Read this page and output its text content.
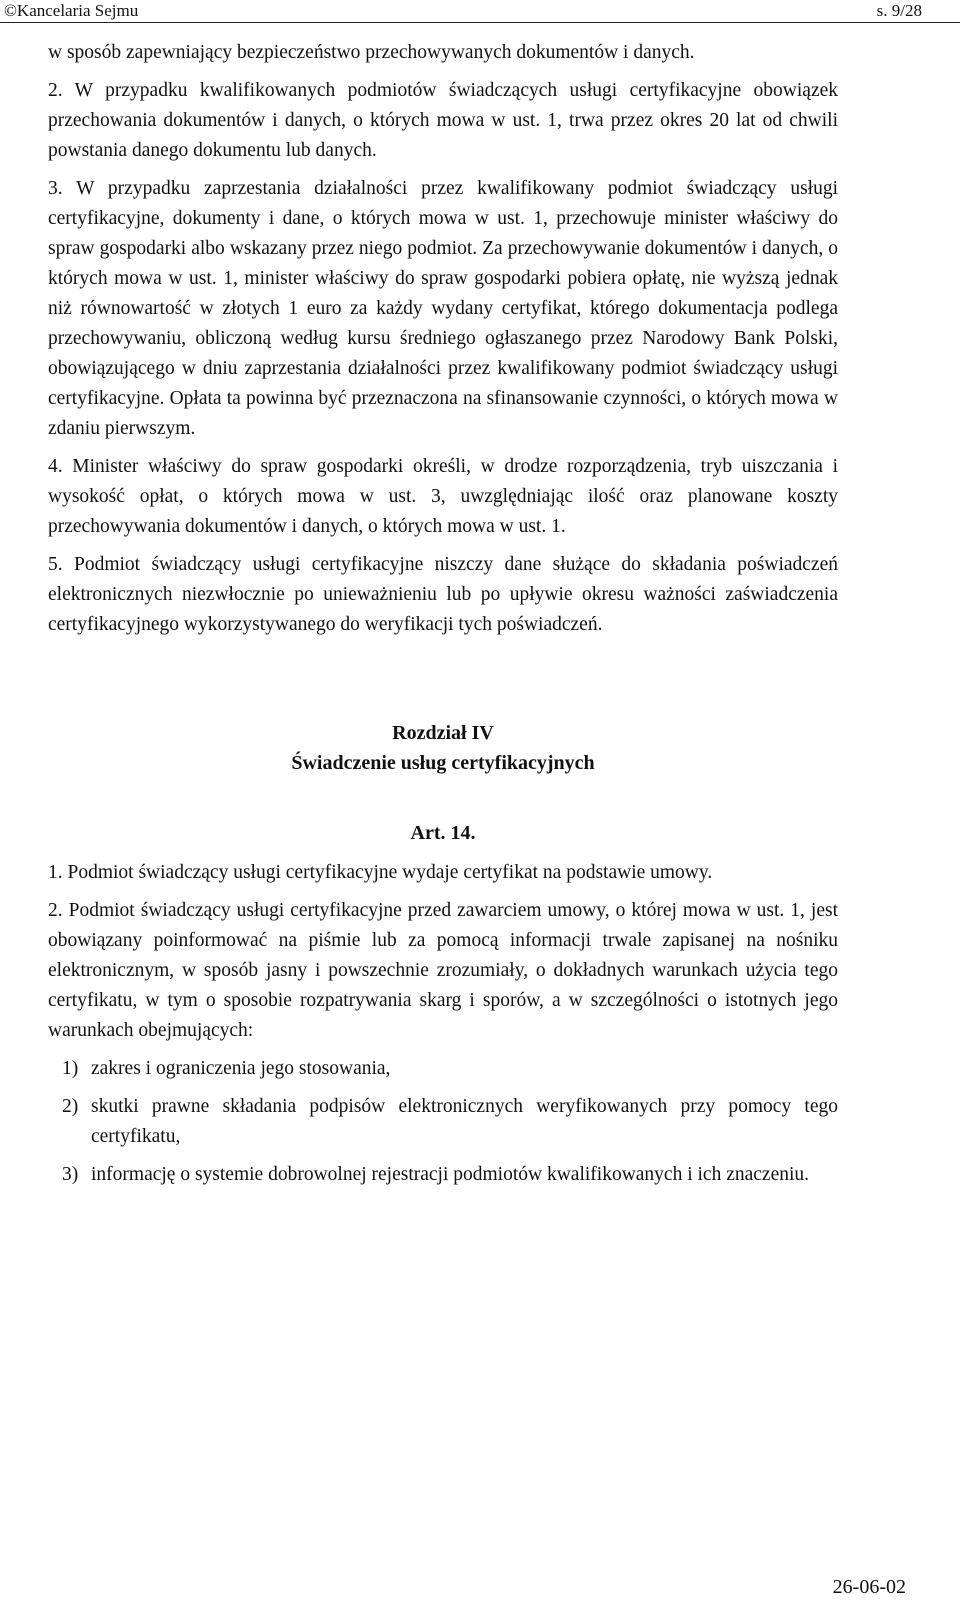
©Kancelaria Sejmu	s. 9/28

w sposób zapewniający bezpieczeństwo przechowywanych dokumentów i danych.

2. W przypadku kwalifikowanych podmiotów świadczących usługi certyfikacyjne obowiązek przechowania dokumentów i danych, o których mowa w ust. 1, trwa przez okres 20 lat od chwili powstania danego dokumentu lub danych.

3. W przypadku zaprzestania działalności przez kwalifikowany podmiot świadczący usługi certyfikacyjne, dokumenty i dane, o których mowa w ust. 1, przechowuje minister właściwy do spraw gospodarki albo wskazany przez niego podmiot. Za przechowywanie dokumentów i danych, o których mowa w ust. 1, minister właściwy do spraw gospodarki pobiera opłatę, nie wyższą jednak niż równowartość w złotych 1 euro za każdy wydany certyfikat, którego dokumentacja podlega przechowywaniu, obliczoną według kursu średniego ogłaszanego przez Narodowy Bank Polski, obowiązującego w dniu zaprzestania działalności przez kwalifikowany podmiot świadczący usługi certyfikacyjne. Opłata ta powinna być przeznaczona na sfinansowanie czynności, o których mowa w zdaniu pierwszym.

4. Minister właściwy do spraw gospodarki określi, w drodze rozporządzenia, tryb uiszczania i wysokość opłat, o których mowa w ust. 3, uwzględniając ilość oraz planowane koszty przechowywania dokumentów i danych, o których mowa w ust. 1.

5. Podmiot świadczący usługi certyfikacyjne niszczy dane służące do składania poświadczeń elektronicznych niezwłocznie po unieważnieniu lub po upływie okresu ważności zaświadczenia certyfikacyjnego wykorzystywanego do weryfikacji tych poświadczeń.

Rozdział IV

Świadczenie usług certyfikacyjnych

Art. 14.

1. Podmiot świadczący usługi certyfikacyjne wydaje certyfikat na podstawie umowy.

2. Podmiot świadczący usługi certyfikacyjne przed zawarciem umowy, o której mowa w ust. 1, jest obowiązany poinformować na piśmie lub za pomocą informacji trwale zapisanej na nośniku elektronicznym, w sposób jasny i powszechnie zrozumiały, o dokładnych warunkach użycia tego certyfikatu, w tym o sposobie rozpatrywania skarg i sporów, a w szczególności o istotnych jego warunkach obejmujących:

1) zakres i ograniczenia jego stosowania,
2) skutki prawne składania podpisów elektronicznych weryfikowanych przy pomocy tego certyfikatu,
3) informację o systemie dobrowolnej rejestracji podmiotów kwalifikowanych i ich znaczeniu.
26-06-02
